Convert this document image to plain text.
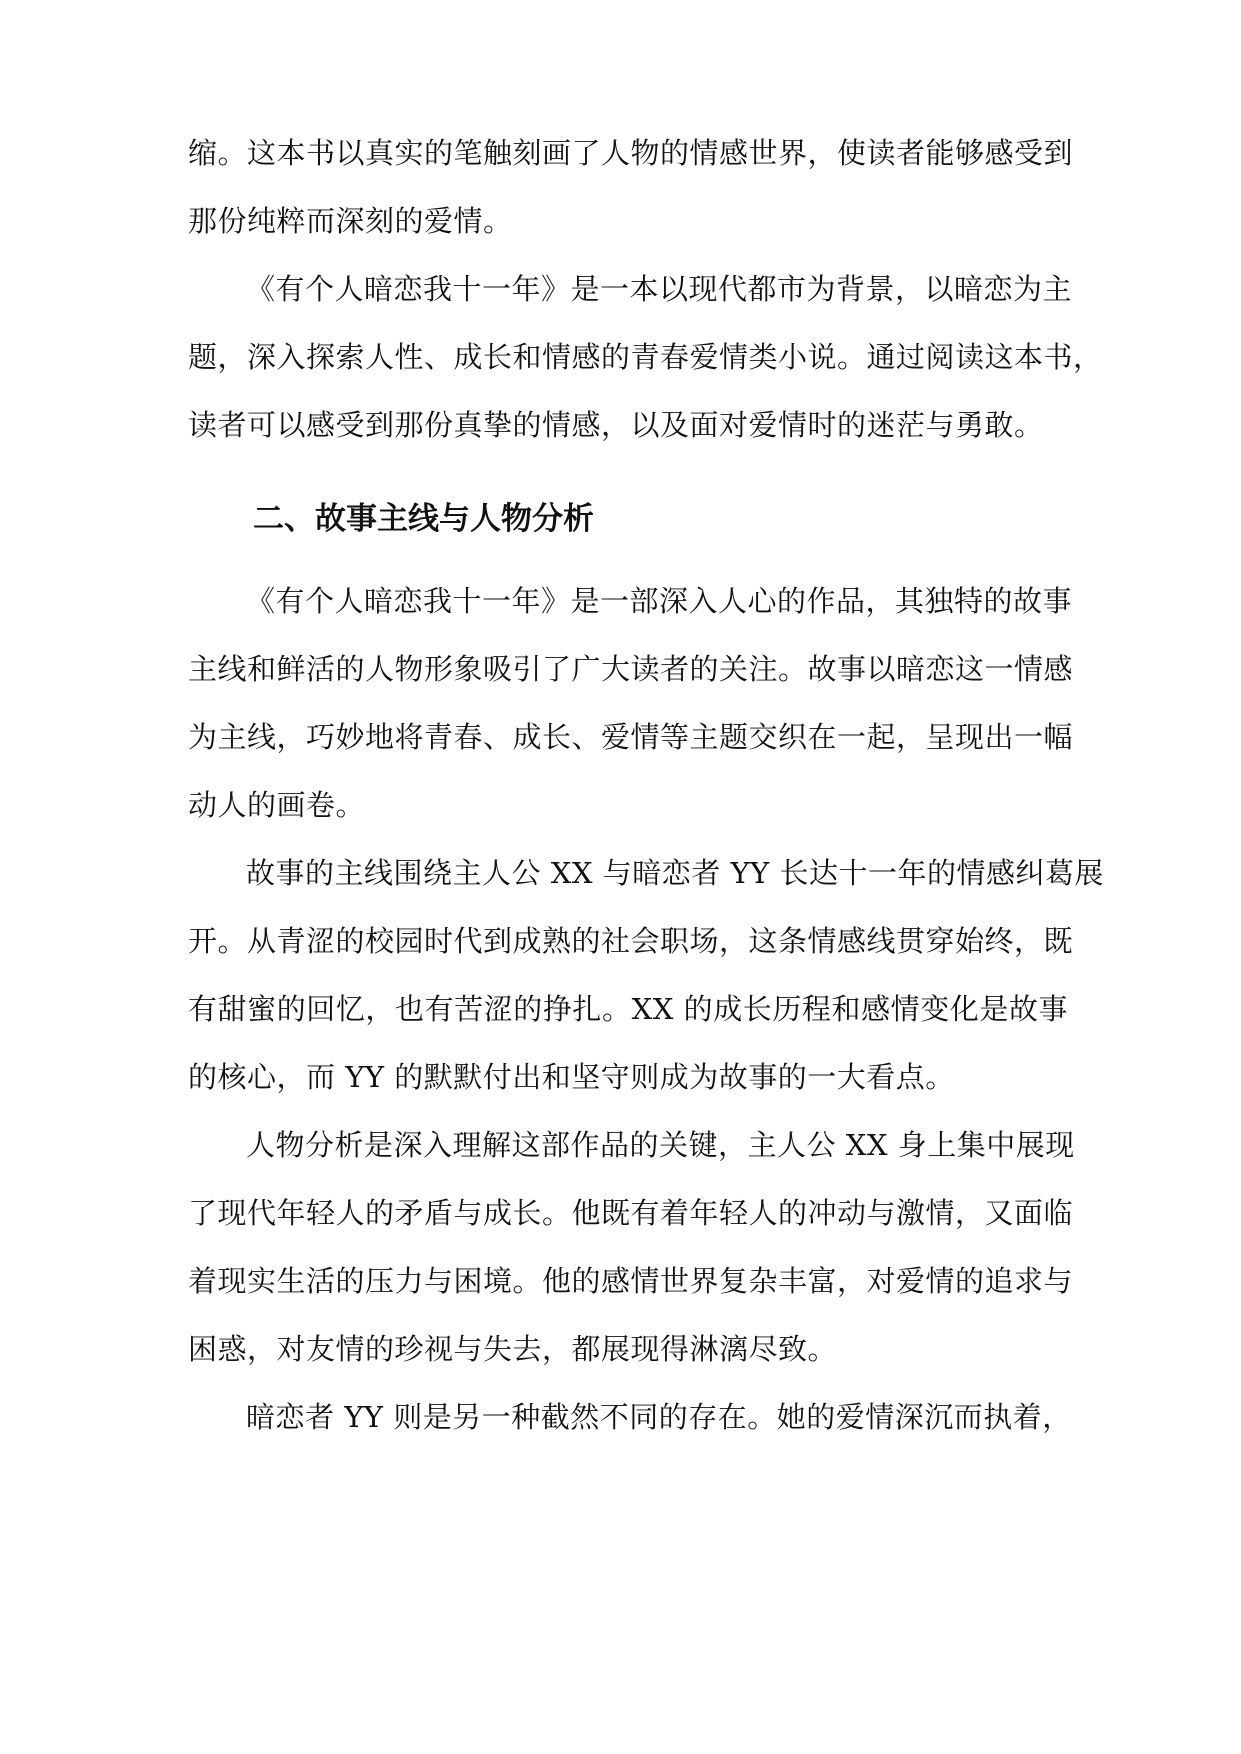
缩。这本书以真实的笔触刻画了人物的情感世界，使读者能够感受到
那份纯粹而深刻的爱情。
《有个人暗恋我十一年》是一本以现代都市为背景，以暗恋为主
题，深入探索人性、成长和情感的青春爱情类小说。通过阅读这本书，
读者可以感受到那份真挚的情感，以及面对爱情时的迷茫与勇敢。
二、故事主线与人物分析
《有个人暗恋我十一年》是一部深入人心的作品，其独特的故事
主线和鲜活的人物形象吸引了广大读者的关注。故事以暗恋这一情感
为主线，巧妙地将青春、成长、爱情等主题交织在一起，呈现出一幅
动人的画卷。
故事的主线围绕主人公 XX 与暗恋者 YY 长达十一年的情感纠葛展
开。从青涩的校园时代到成熟的社会职场，这条情感线贯穿始终，既
有甜蜜的回忆，也有苦涩的挣扎。XX 的成长历程和感情变化是故事
的核心，而 YY 的默默付出和坚守则成为故事的一大看点。
人物分析是深入理解这部作品的关键，主人公 XX 身上集中展现
了现代年轻人的矛盾与成长。他既有着年轻人的冲动与激情，又面临
着现实生活的压力与困境。他的感情世界复杂丰富，对爱情的追求与
困惑，对友情的珍视与失去，都展现得淋漓尽致。
暗恋者 YY 则是另一种截然不同的存在。她的爱情深沉而执着，
